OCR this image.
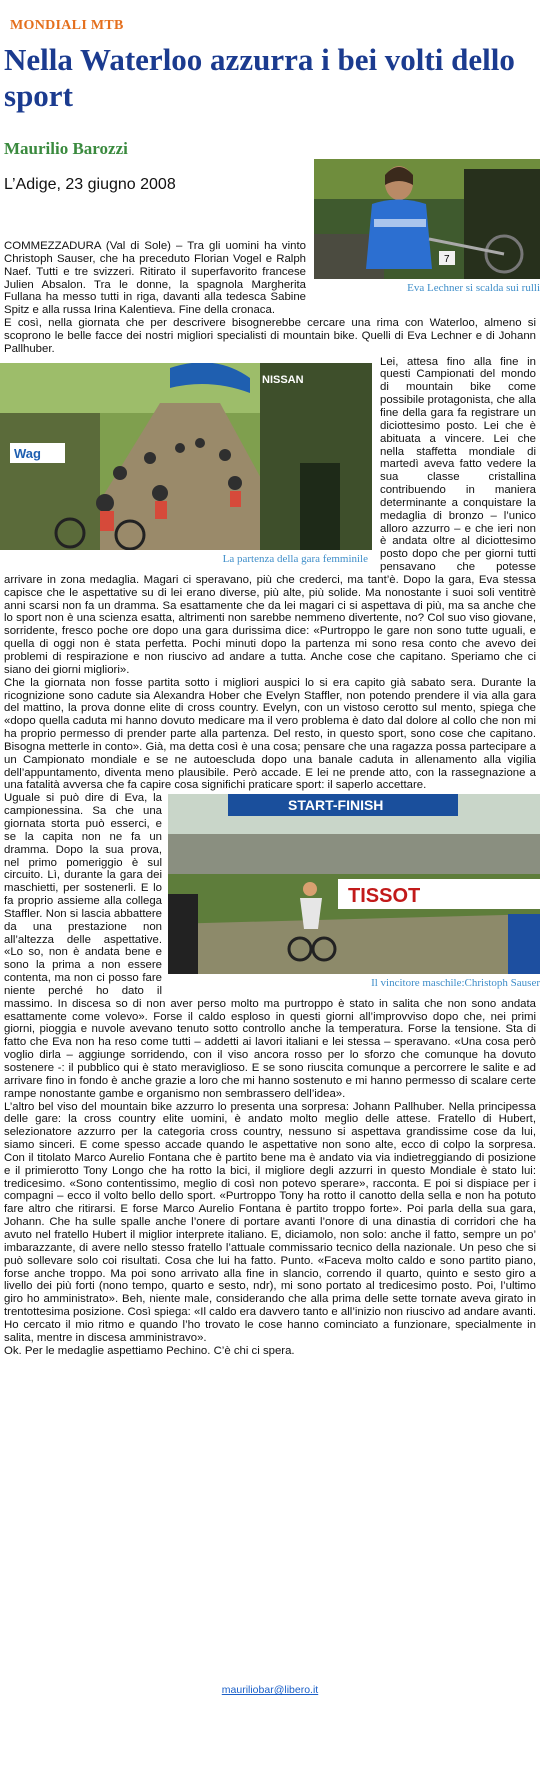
MONDIALI MTB
Nella Waterloo azzurra i bei volti dello sport
Maurilio Barozzi
L’Adige, 23 giugno 2008
7
Eva Lechner si scalda sui rulli

COMMEZZADURA (Val di Sole) – Tra gli uomini ha vinto Christoph Sauser, che ha preceduto Florian Vogel e Ralph Naef. Tutti e tre svizzeri. Ritirato il superfavorito francese Julien Absalon. Tra le donne, la spagnola Margherita Fullana ha messo tutti in riga, davanti alla tedesca Sabine Spitz e alla russa Irina Kalentieva. Fine della cronaca.

E così, nella giornata che per descrivere bisognerebbe cercare una rima con Waterloo, almeno si scoprono le belle facce dei nostri migliori specialisti di mountain bike. Quelli di Eva Lechner e di Johann Pallhuber.

NISSAN
Wag
La partenza della gara femminile

Lei, attesa fino alla fine in questi Campionati del mondo di mountain bike come possibile protagonista, che alla fine della gara fa registrare un diciottesimo posto. Lei che è abituata a vincere. Lei che nella staffetta mondiale di martedì aveva fatto vedere la sua classe cristallina contribuendo in maniera determinante a conquistare la medaglia di bronzo – l’unico alloro azzurro – e che ieri non è andata oltre al diciottesimo posto dopo che per giorni tutti pensavano che potesse arrivare in zona medaglia. Magari ci speravano, più che crederci, ma tant’è. Dopo la gara, Eva stessa capisce che le aspettative su di lei erano diverse, più alte, più solide. Ma nonostante i suoi soli ventitrè anni scarsi non fa un dramma. Sa esattamente che da lei magari ci si aspettava di più, ma sa anche che lo sport non è una scienza esatta, altrimenti non sarebbe nemmeno divertente, no? Col suo viso giovane, sorridente, fresco poche ore dopo una gara durissima dice: «Purtroppo le gare non sono tutte uguali, e quella di oggi non è stata perfetta. Pochi minuti dopo la partenza mi sono resa conto che avevo dei problemi di respirazione e non riuscivo ad andare a tutta. Anche cose che capitano. Speriamo che ci siano dei giorni migliori».

Che la giornata non fosse partita sotto i migliori auspici lo si era capito già sabato sera. Durante la ricognizione sono cadute sia Alexandra Hober che Evelyn Staffler, non potendo prendere il via alla gara del mattino, la prova donne elite di cross country. Evelyn, con un vistoso cerotto sul mento, spiega che «dopo quella caduta mi hanno dovuto medicare ma il vero problema è dato dal dolore al collo che non mi ha proprio permesso di prender parte alla partenza. Del resto, in questo sport, sono cose che capitano. Bisogna metterle in conto». Già, ma detta così è una cosa; pensare che una ragazza possa partecipare a un Campionato mondiale e se ne autoescluda dopo una banale caduta in allenamento alla vigilia dell’appuntamento, diventa meno plausibile. Però accade. E lei ne prende atto, con la rassegnazione a una fatalità avversa che fa capire cosa significhi praticare sport: il saperlo accettare.

START-FINISH
TISSOT
Il vincitore maschile:Christoph Sauser

Uguale si può dire di Eva, la campionessina. Sa che una giornata storta può esserci, e se la capita non ne fa un dramma. Dopo la sua prova, nel primo pomeriggio è sul circuito. Lì, durante la gara dei maschietti, per sostenerli. E lo fa proprio assieme alla collega Staffler. Non si lascia abbattere da una prestazione non all’altezza delle aspettative. «Lo so, non è andata bene e sono la prima a non essere contenta, ma non ci posso fare niente perché ho dato il massimo. In discesa so di non aver perso molto ma purtroppo è stato in salita che non sono andata esattamente come volevo». Forse il caldo esploso in questi giorni all’improvviso dopo che, nei primi giorni, pioggia e nuvole avevano tenuto sotto controllo anche la temperatura. Forse la tensione. Sta di fatto che Eva non ha reso come tutti – addetti ai lavori italiani e lei stessa – speravano. «Una cosa però voglio dirla – aggiunge sorridendo, con il viso ancora rosso per lo sforzo che comunque ha dovuto sostenere -: il pubblico qui è stato meraviglioso. E se sono riuscita comunque a percorrere le salite e ad arrivare fino in fondo è anche grazie a loro che mi hanno sostenuto e mi hanno permesso di scalare certe rampe nonostante gambe e organismo non sembrassero dell’idea».

L’altro bel viso del mountain bike azzurro lo presenta una sorpresa: Johann Pallhuber. Nella principessa delle gare: la cross country elite uomini, è andato molto meglio delle attese. Fratello di Hubert, selezionatore azzurro per la categoria cross country, nessuno si aspettava grandissime cose da lui, siamo sinceri. E come spesso accade quando le aspettative non sono alte, ecco di colpo la sorpresa. Con il titolato Marco Aurelio Fontana che è partito bene ma è andato via via indietreggiando di posizione e il primierotto Tony Longo che ha rotto la bici, il migliore degli azzurri in questo Mondiale è stato lui: tredicesimo. «Sono contentissimo, meglio di così non potevo sperare», racconta. E poi si dispiace per i compagni – ecco il volto bello dello sport. «Purtroppo Tony ha rotto il canotto della sella e non ha potuto fare altro che ritirarsi. E forse Marco Aurelio Fontana è partito troppo forte». Poi parla della sua gara, Johann. Che ha sulle spalle anche l’onere di portare avanti l’onore di una dinastia di corridori che ha avuto nel fratello Hubert il miglior interprete italiano. E, diciamolo, non solo: anche il fatto, sempre un po’ imbarazzante, di avere nello stesso fratello l’attuale commissario tecnico della nazionale. Un peso che si può sollevare solo coi risultati. Cosa che lui ha fatto. Punto. «Faceva molto caldo e sono partito piano, forse anche troppo. Ma poi sono arrivato alla fine in slancio, correndo il quarto, quinto e sesto giro a livello dei più forti (nono tempo, quarto e sesto, ndr), mi sono portato al tredicesimo posto. Poi, l’ultimo giro ho amministrato». Beh, niente male, considerando che alla prima delle sette tornate aveva girato in trentottesima posizione. Così spiega: «Il caldo era davvero tanto e all’inizio non riuscivo ad andare avanti. Ho cercato il mio ritmo e quando l’ho trovato le cose hanno cominciato a funzionare, specialmente in salita, mentre in discesa amministravo».

Ok. Per le medaglie aspettiamo Pechino. C’è chi ci spera.

mauriliobar@libero.it
